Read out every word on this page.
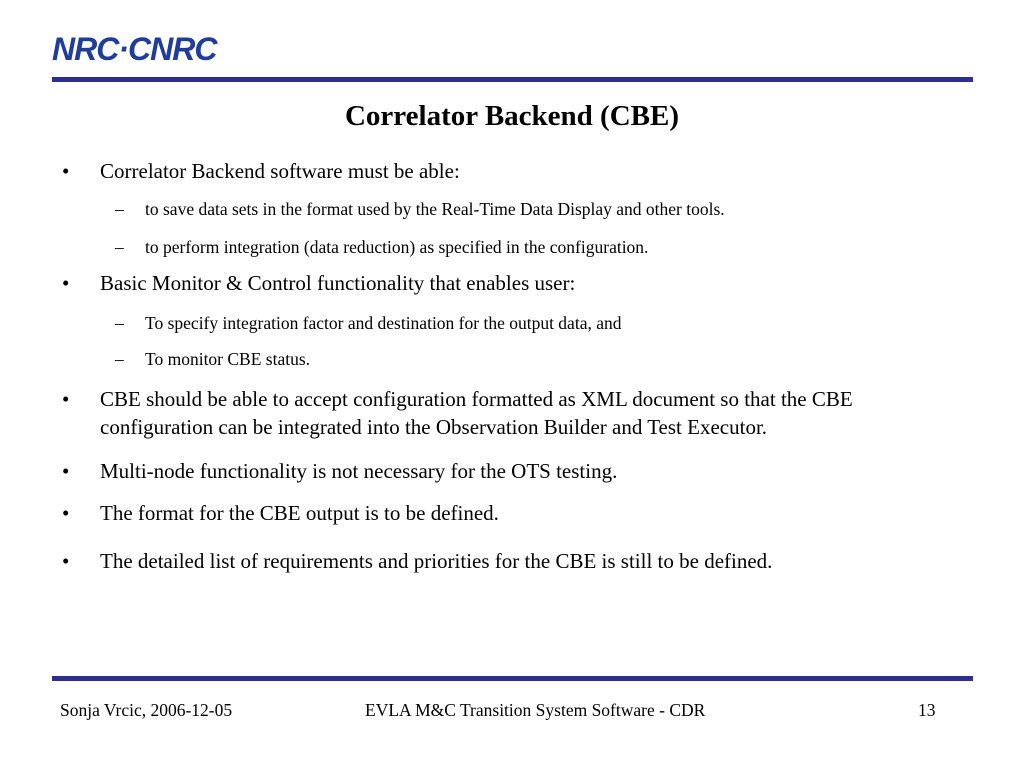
NRC·CNRC
Correlator Backend (CBE)
• Correlator Backend software must be able:
– to save data sets in the format used by the Real-Time Data Display and other tools.
– to perform integration (data reduction) as specified in the configuration.
• Basic Monitor & Control functionality that enables user:
– To specify integration factor and destination for the output data, and
– To monitor CBE status.
• CBE should be able to accept configuration formatted as XML document so that the CBE configuration can be integrated into the Observation Builder and Test Executor.
• Multi-node functionality is not necessary for the OTS testing.
• The format for the CBE output is to be defined.
• The detailed list of requirements and priorities for the CBE is still to be defined.
Sonja Vrcic, 2006-12-05	EVLA M&C Transition System Software - CDR	13
